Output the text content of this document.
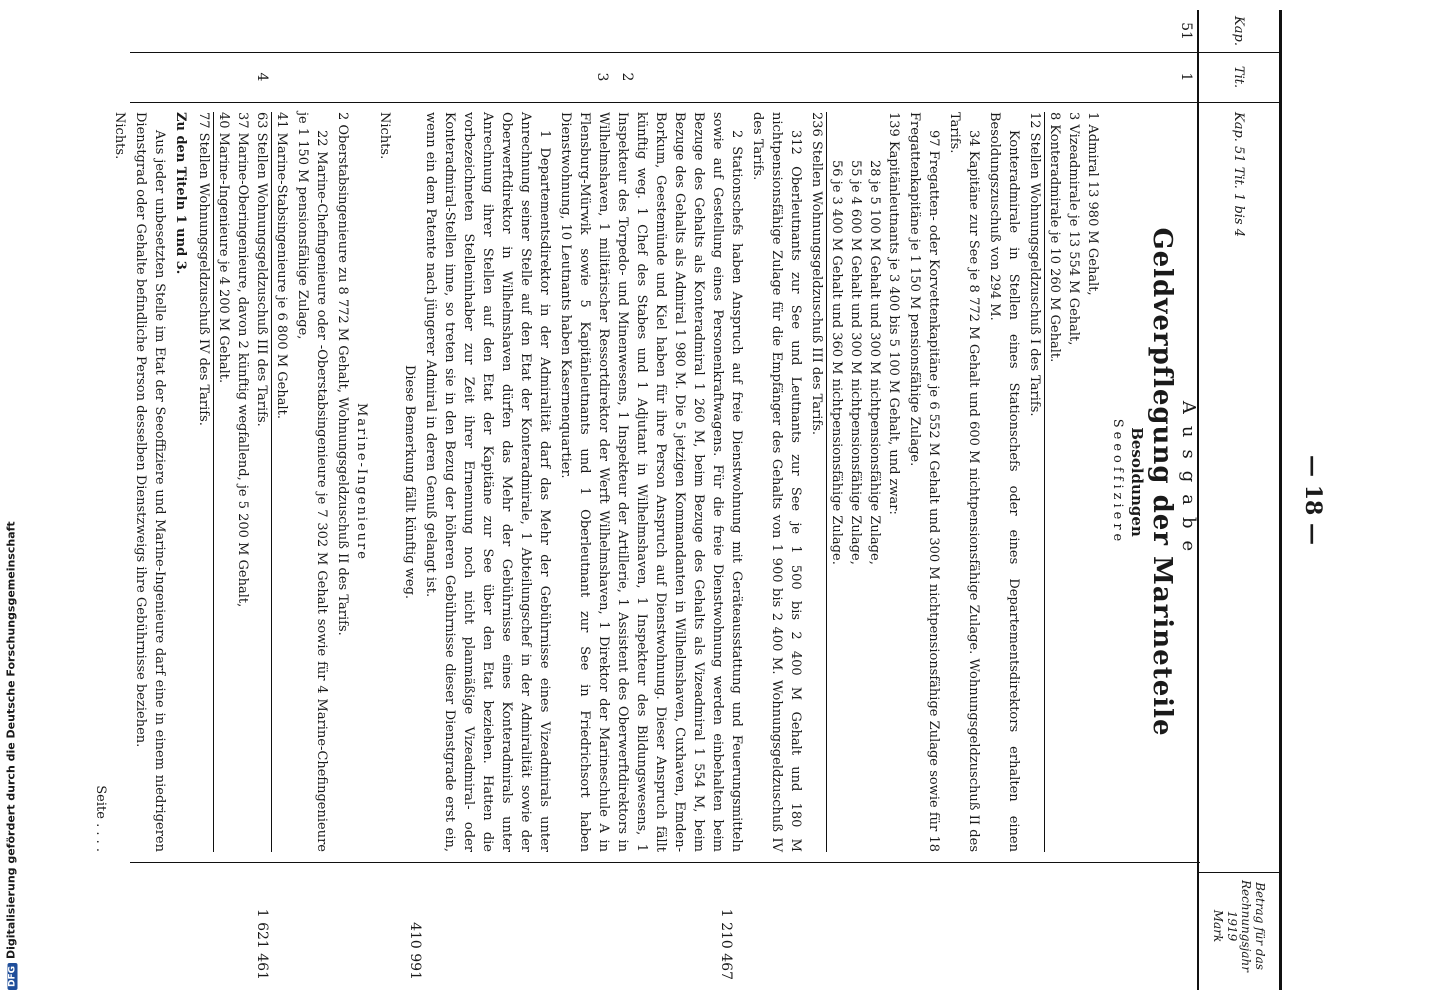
DFGDigitalisierung gefördert durch die Deutsche Forschungsgemeinschaft
— 18 —
Kap.
Tit.
Kap. 51 Tit. 1 bis 4
Betrag für das
Rechnungsjahr
1919
Mark
51
1
2
3
4
1 210 467
410 991
1 621 461
Ausgabe
Geldverpflegung der Marineteile
Besoldungen
Seeoffiziere
1 Admiral 13 980 M Gehalt,
3 Vizeadmirale je 13 554 M Gehalt,
8 Konteradmirale je 10 260 M Gehalt.
12 Stellen Wohnungsgeldzuschuß I des Tarifs.
Konteradmirale in Stellen eines Stationschefs oder eines Departementsdirektors erhalten einen Besoldungszuschuß von 294 M.
34 Kapitäne zur See je 8 772 M Gehalt und 600 M nichtpensionsfähige Zulage. Wohnungsgeldzuschuß II des Tarifs.
97 Fregatten- oder Korvettenkapitäne je 6 552 M Gehalt und 300 M nichtpensionsfähige Zulage sowie für 18 Fregattenkapitäne je 1 150 M pensionsfähige Zulage.
139 Kapitänleutnants je 3 400 bis 5 100 M Gehalt, und zwar:
28 je 5 100 M Gehalt und 300 M nichtpensionsfähige Zulage,
55 je 4 600 M Gehalt und 300 M nichtpensionsfähige Zulage,
56 je 3 400 M Gehalt und 360 M nichtpensionsfähige Zulage.
236 Stellen Wohnungsgeldzuschuß III des Tarifs.
312 Oberleutnants zur See und Leutnants zur See je 1 500 bis 2 400 M Gehalt und 180 M nichtpensionsfähige Zulage für die Empfänger des Gehalts von 1 900 bis 2 400 M. Wohnungsgeldzuschuß IV des Tarifs.
2 Stationschefs haben Anspruch auf freie Dienstwohnung mit Geräteausstattung und Feuerungsmitteln sowie auf Gestellung eines Personenkraftwagens. Für die freie Dienstwohnung werden einbehalten beim Bezuge des Gehalts als Konteradmiral 1 260 M, beim Bezuge des Gehalts als Vizeadmiral 1 554 M, beim Bezuge des Gehalts als Admiral 1 980 M. Die 5 jetzigen Kommandanten in Wilhelmshaven, Cuxhaven, Emden-Borkum, Geestemünde und Kiel haben für ihre Person Anspruch auf Dienstwohnung. Dieser Anspruch fällt künftig weg. 1 Chef des Stabes und 1 Adjutant in Wilhelmshaven, 1 Inspekteur des Bildungswesens, 1 Inspekteur des Torpedo- und Minenwesens, 1 Inspekteur der Artillerie, 1 Assistent des Oberwerftdirektors in Wilhelmshaven, 1 militärischer Ressortdirektor der Werft Wilhelmshaven, 1 Direktor der Marineschule A in Flensburg-Mürwik sowie 5 Kapitänleutnants und 1 Oberleutnant zur See in Friedrichsort haben Dienstwohnung, 10 Leutnants haben Kasernenquartier.
1 Departementsdirektor in der Admiralität darf das Mehr der Gebührnisse eines Vizeadmirals unter Anrechnung seiner Stelle auf den Etat der Konteradmirale, 1 Abteilungschef in der Admiralität sowie der Oberwerftdirektor in Wilhelmshaven dürfen das Mehr der Gebührnisse eines Konteradmirals unter Anrechnung ihrer Stellen auf den Etat der Kapitäne zur See über den Etat beziehen. Hatten die vorbezeichneten Stelleninhaber zur Zeit ihrer Ernennung noch nicht planmäßige Vizeadmiral- oder Konteradmiral-Stellen inne, so treten sie in den Bezug der höheren Gebührnisse dieser Dienstgrade erst ein, wenn ein dem Patente nach jüngerer Admiral in deren Genuß gelangt ist.
Diese Bemerkung fällt künftig weg.
Nichts.
Marine-Ingenieure
2 Oberstabsingenieure zu 8 772 M Gehalt, Wohnungsgeldzuschuß II des Tarifs.
22 Marine-Chefingenieure oder -Oberstabsingenieure je 7 302 M Gehalt sowie für 4 Marine-Chefingenieure je 1 150 M pensionsfähige Zulage,
41 Marine-Stabsingenieure je 6 800 M Gehalt.
63 Stellen Wohnungsgeldzuschuß III des Tarifs.
37 Marine-Oberingenieure, davon 2 künftig wegfallend, je 5 200 M Gehalt,
40 Marine-Ingenieure je 4 200 M Gehalt.
77 Stellen Wohnungsgeldzuschuß IV des Tarifs.
Zu den Titeln 1 und 3.
Aus jeder unbesetzten Stelle im Etat der Seeoffiziere und Marine-Ingenieure darf eine in einem niedrigeren Dienstgrad oder Gehalte befindliche Person desselben Dienstzweigs ihre Gebührnisse beziehen.
Nichts.
Seite . . . .
